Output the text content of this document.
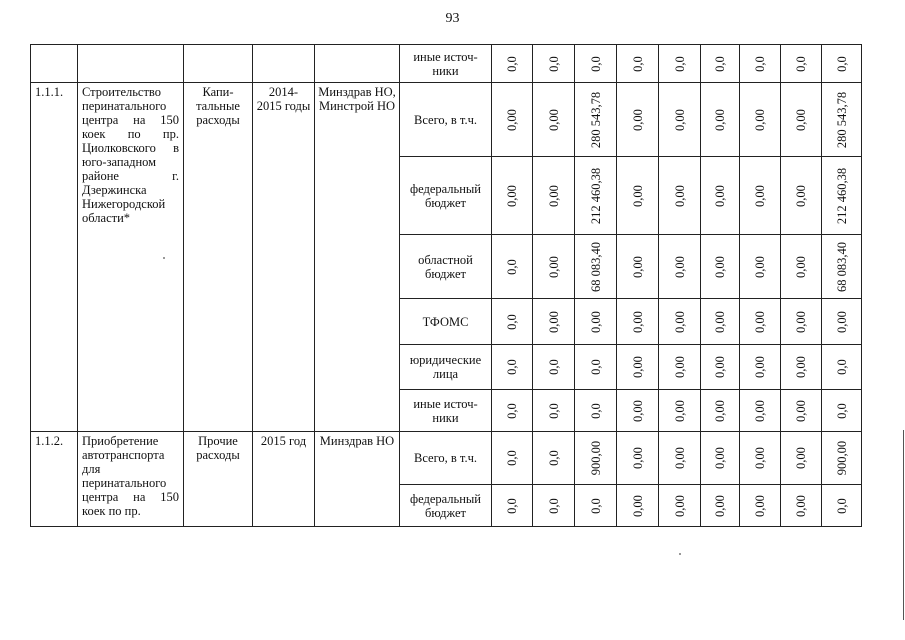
93
					иные источ- ники	0,0	0,0	0,0	0,0	0,0	0,0	0,0	0,0	0,0

1.1.1.	Строительство перинатального центра на 150 коек по пр. Циолковского в юго-западном районе г. Дзержинска Нижегородской области*	Капи- тальные расходы	2014- 2015 годы	Минздрав НО, Минстрой НО	Всего, в т.ч.	0,00	0,00	280 543,78	0,00	0,00	0,00	0,00	0,00	280 543,78

					федеральный бюджет	0,00	0,00	212 460,38	0,00	0,00	0,00	0,00	0,00	212 460,38

					областной бюджет	0,0	0,00	68 083,40	0,00	0,00	0,00	0,00	0,00	68 083,40

					ТФОМС	0,0	0,00	0,00	0,00	0,00	0,00	0,00	0,00	0,00

					юридические лица	0,0	0,0	0,0	0,00	0,00	0,00	0,00	0,00	0,0

					иные источ- ники	0,0	0,0	0,0	0,00	0,00	0,00	0,00	0,00	0,0

1.1.2.	Приобретение автотранспорта для перинатального центра на 150 коек по пр.	Прочие расходы	2015 год	Минздрав НО	Всего, в т.ч.	0,0	0,0	900,00	0,00	0,00	0,00	0,00	0,00	900,00

					федеральный бюджет	0,0	0,0	0,0	0,00	0,00	0,00	0,00	0,00	0,0
